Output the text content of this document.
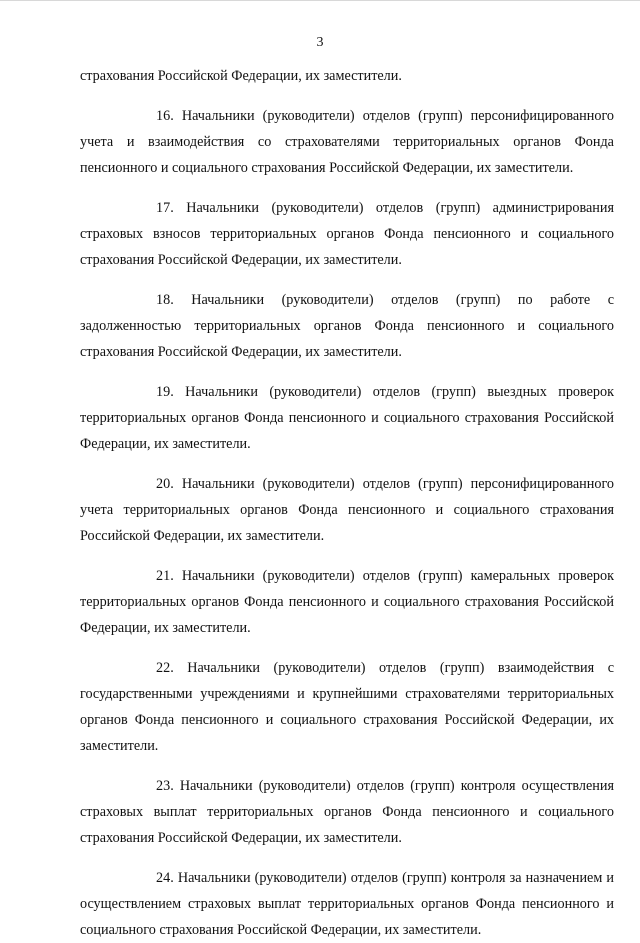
3

страхования Российской Федерации, их заместители.

16. Начальники (руководители) отделов (групп) персонифицированного учета и взаимодействия со страхователями территориальных органов Фонда пенсионного и социального страхования Российской Федерации, их заместители.

17. Начальники (руководители) отделов (групп) администрирования страховых взносов территориальных органов Фонда пенсионного и социального страхования Российской Федерации, их заместители.

18. Начальники (руководители) отделов (групп) по работе с задолженностью территориальных органов Фонда пенсионного и социального страхования Российской Федерации, их заместители.

19. Начальники (руководители) отделов (групп) выездных проверок территориальных органов Фонда пенсионного и социального страхования Российской Федерации, их заместители.

20. Начальники (руководители) отделов (групп) персонифицированного учета территориальных органов Фонда пенсионного и социального страхования Российской Федерации, их заместители.

21. Начальники (руководители) отделов (групп) камеральных проверок территориальных органов Фонда пенсионного и социального страхования Российской Федерации, их заместители.

22. Начальники (руководители) отделов (групп) взаимодействия с государственными учреждениями и крупнейшими страхователями территориальных органов Фонда пенсионного и социального страхования Российской Федерации, их заместители.

23. Начальники (руководители) отделов (групп) контроля осуществления страховых выплат территориальных органов Фонда пенсионного и социального страхования Российской Федерации, их заместители.

24. Начальники (руководители) отделов (групп) контроля за назначением и осуществлением страховых выплат территориальных органов Фонда пенсионного и социального страхования Российской Федерации, их заместители.
